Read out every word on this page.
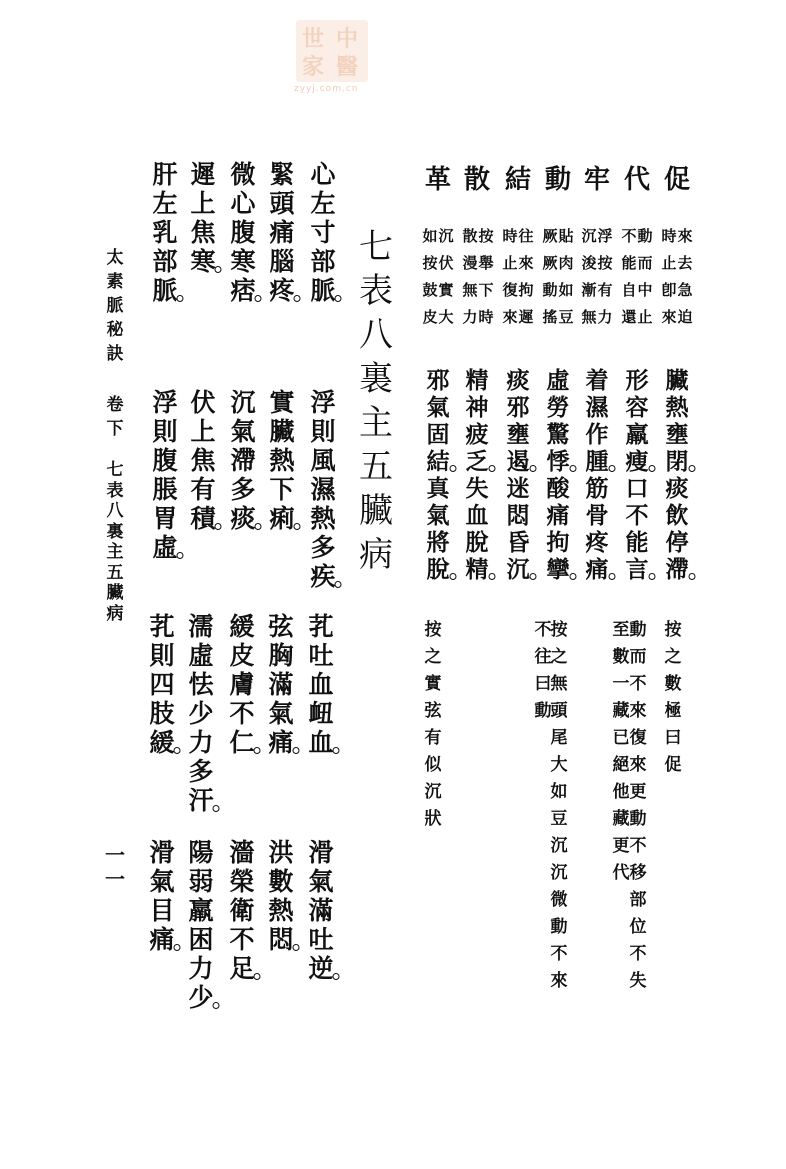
中
醫
世
家
zyyj.com.cn
促
代
牢
動
結
散
革
來
去
急
迫
時
止
卽
來
動
而
中
止
不
能
自
還
浮
按
有
力
沉
浚
漸
無
貼
肉
如
豆
厥
厥
動
搖
往
來
拘
遲
時
止
復
來
按
舉
下
時
散
漫
無
力
沉
伏
實
大
如
按
鼓
皮
臟
熱
壅
閉
痰
飲
停
滯
形
容
羸
瘦
口
不
能
言
着
濕
作
腫
筋
骨
疼
痛
虛
勞
驚
悸
酸
痛
拘
攣
痰
邪
壅
遏
迷
悶
昏
沉
精
神
疲
乏
失
血
脫
精
邪
氣
固
結
真
氣
將
脫
按
之
數
極
曰
促
動
而
不
來
復
來
更
動
不
移
部
位
不
失
至
數
一
藏
已
絕
他
藏
更
代
按
之
無
頭
尾
大
如
豆
沉
沉
微
動
不
來
不
往
曰
動
按
之
實
弦
有
似
沉
狀
七
表
八
裏
主
五
臟
病
心
左
寸
部
脈
緊
頭
痛
腦
疼
微
心
腹
寒
痞
遲
上
焦
寒
肝
左
乳
部
脈
浮
則
風
濕
熱
多
疾
實
臟
熱
下
痢
沉
氣
滯
多
痰
伏
上
焦
有
積
浮
則
腹
脹
胃
虛
芤
吐
血
衄
血
弦
胸
滿
氣
痛
緩
皮
膚
不
仁
濡
虛
怯
少
力
多
汗
芤
則
四
肢
緩
滑
氣
滿
吐
逆
洪
數
熱
悶
濇
榮
衛
不
足
陽
弱
羸
困
力
少
滑
氣
目
痛
太
素
脈
秘
訣
卷
下
七
表
八
裏
主
五
臟
病
一
一
